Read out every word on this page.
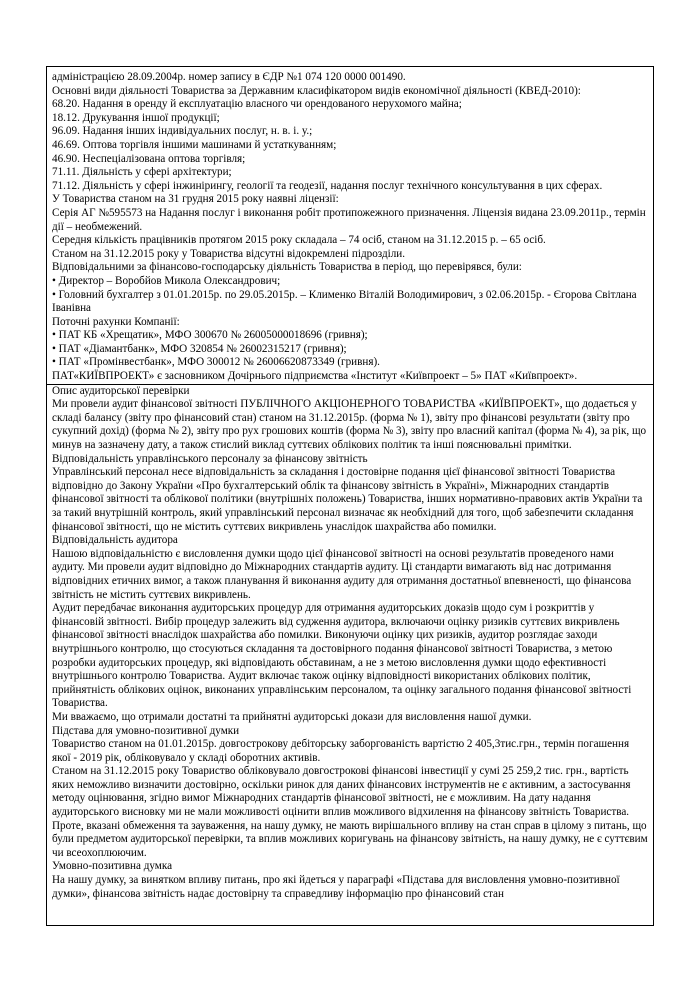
адміністрацією 28.09.2004р. номер запису в ЄДР №1 074 120 0000 001490.

Основні види діяльності Товариства за Державним класифікатором видів економічної діяльності (КВЕД-2010):

68.20. Надання в оренду й експлуатацію власного чи орендованого нерухомого майна;

18.12. Друкування іншої продукції;

96.09. Надання інших індивідуальних послуг, н. в. і. у.;

46.69. Оптова торгівля іншими машинами й устаткуванням;

46.90. Неспеціалізована оптова торгівля;

71.11. Діяльність у сфері архітектури;

71.12. Діяльність у сфері інжинірингу, геології та геодезії, надання послуг технічного консультування в цих сферах.

У Товариства станом на 31 грудня 2015 року наявні ліцензії:

Серія АГ №595573 на Надання послуг і виконання робіт протипожежного призначення. Ліцензія видана 23.09.2011р., термін дії – необмежений.

Середня кількість працівників протягом 2015 року складала – 74 осіб, станом на 31.12.2015 р. – 65 осіб.

Станом на 31.12.2015 року у Товариства відсутні відокремлені підрозділи.

Відповідальними за фінансово-господарську діяльність Товариства в період, що перевірявся, були:

• Директор – Воробйов Микола Олександрович;

• Головний бухгалтер з 01.01.2015р. по 29.05.2015р. – Клименко Віталій Володимирович, з 02.06.2015р. - Єгорова Світлана Іванівна

Поточні рахунки Компанії:

• ПАТ КБ «Хрещатик», МФО 300670 № 26005000018696 (гривня);

• ПАТ «Діамантбанк», МФО 320854 № 26002315217 (гривня);

• ПАТ «Промінвестбанк», МФО 300012 № 26006620873349 (гривня).

ПАТ«КИЇВПРОЕКТ» є засновником Дочірнього підприємства «Інститут «Київпроект – 5» ПАТ «Київпроект».

Опис аудиторської перевірки

Ми провели аудит фінансової звітності ПУБЛІЧНОГО АКЦІОНЕРНОГО ТОВАРИСТВА «КИЇВПРОЕКТ», що додається у складі балансу (звіту про фінансовий стан) станом на 31.12.2015р. (форма № 1), звіту про фінансові результати (звіту про сукупний дохід) (форма № 2), звіту про рух грошових коштів (форма № 3), звіту про власний капітал (форма № 4), за рік, що минув на зазначену дату, а також стислий виклад суттєвих облікових політик та інші пояснювальні примітки.

Відповідальність управлінського персоналу за фінансову звітність

Управлінський персонал несе відповідальність за складання і достовірне подання цієї фінансової звітності Товариства відповідно до Закону України «Про бухгалтерський облік та фінансову звітність в Україні», Міжнародних стандартів фінансової звітності та облікової політики (внутрішніх положень) Товариства, інших нормативно-правових актів України та за такий внутрішній контроль, який управлінський персонал визначає як необхідний для того, щоб забезпечити складання фінансової звітності, що не містить суттєвих викривлень унаслідок шахрайства або помилки.

Відповідальність аудитора

Нашою відповідальністю є висловлення думки щодо цієї фінансової звітності на основі результатів проведеного нами аудиту. Ми провели аудит відповідно до Міжнародних стандартів аудиту. Ці стандарти вимагають від нас дотримання відповідних етичних вимог, а також планування й виконання аудиту для отримання достатньої впевненості, що фінансова звітність не містить суттєвих викривлень.

Аудит передбачає виконання аудиторських процедур для отримання аудиторських доказів щодо сум і розкриттів у фінансовій звітності. Вибір процедур залежить від судження аудитора, включаючи оцінку ризиків суттєвих викривлень фінансової звітності внаслідок шахрайства або помилки. Виконуючи оцінку цих ризиків, аудитор розглядає заходи внутрішнього контролю, що стосуються складання та достовірного подання фінансової звітності Товариства, з метою розробки аудиторських процедур, які відповідають обставинам, а не з метою висловлення думки щодо ефективності внутрішнього контролю Товариства. Аудит включає також оцінку відповідності використаних облікових політик, прийнятність облікових оцінок, виконаних управлінським персоналом, та оцінку загального подання фінансової звітності Товариства.

Ми вважаємо, що отримали достатні та прийнятні аудиторські докази для висловлення нашої думки.

Підстава для умовно-позитивної думки

Товариство станом на 01.01.2015р. довгострокову дебіторську заборгованість вартістю 2 405,3тис.грн., термін погашення якої - 2019 рік, обліковувало у складі оборотних активів.

Станом на 31.12.2015 року Товариство обліковувало довгострокові фінансові інвестиції у сумі 25 259,2 тис. грн., вартість яких неможливо визначити достовірно, оскільки ринок для даних фінансових інструментів не є активним, а застосування методу оцінювання, згідно вимог Міжнародних стандартів фінансової звітності, не є можливим. На дату надання аудиторського висновку ми не мали можливості оцінити вплив можливого відхилення на фінансову звітність Товариства.

Проте, вказані обмеження та зауваження, на нашу думку, не мають вирішального впливу на стан справ в цілому з питань, що були предметом аудиторської перевірки, та вплив можливих коригувань на фінансову звітність, на нашу думку, не є суттєвим чи всеохоплюючим.

Умовно-позитивна думка

На нашу думку, за винятком впливу питань, про які йдеться у параграфі «Підстава для висловлення умовно-позитивної думки», фінансова звітність надає достовірну та справедливу інформацію про фінансовий стан
